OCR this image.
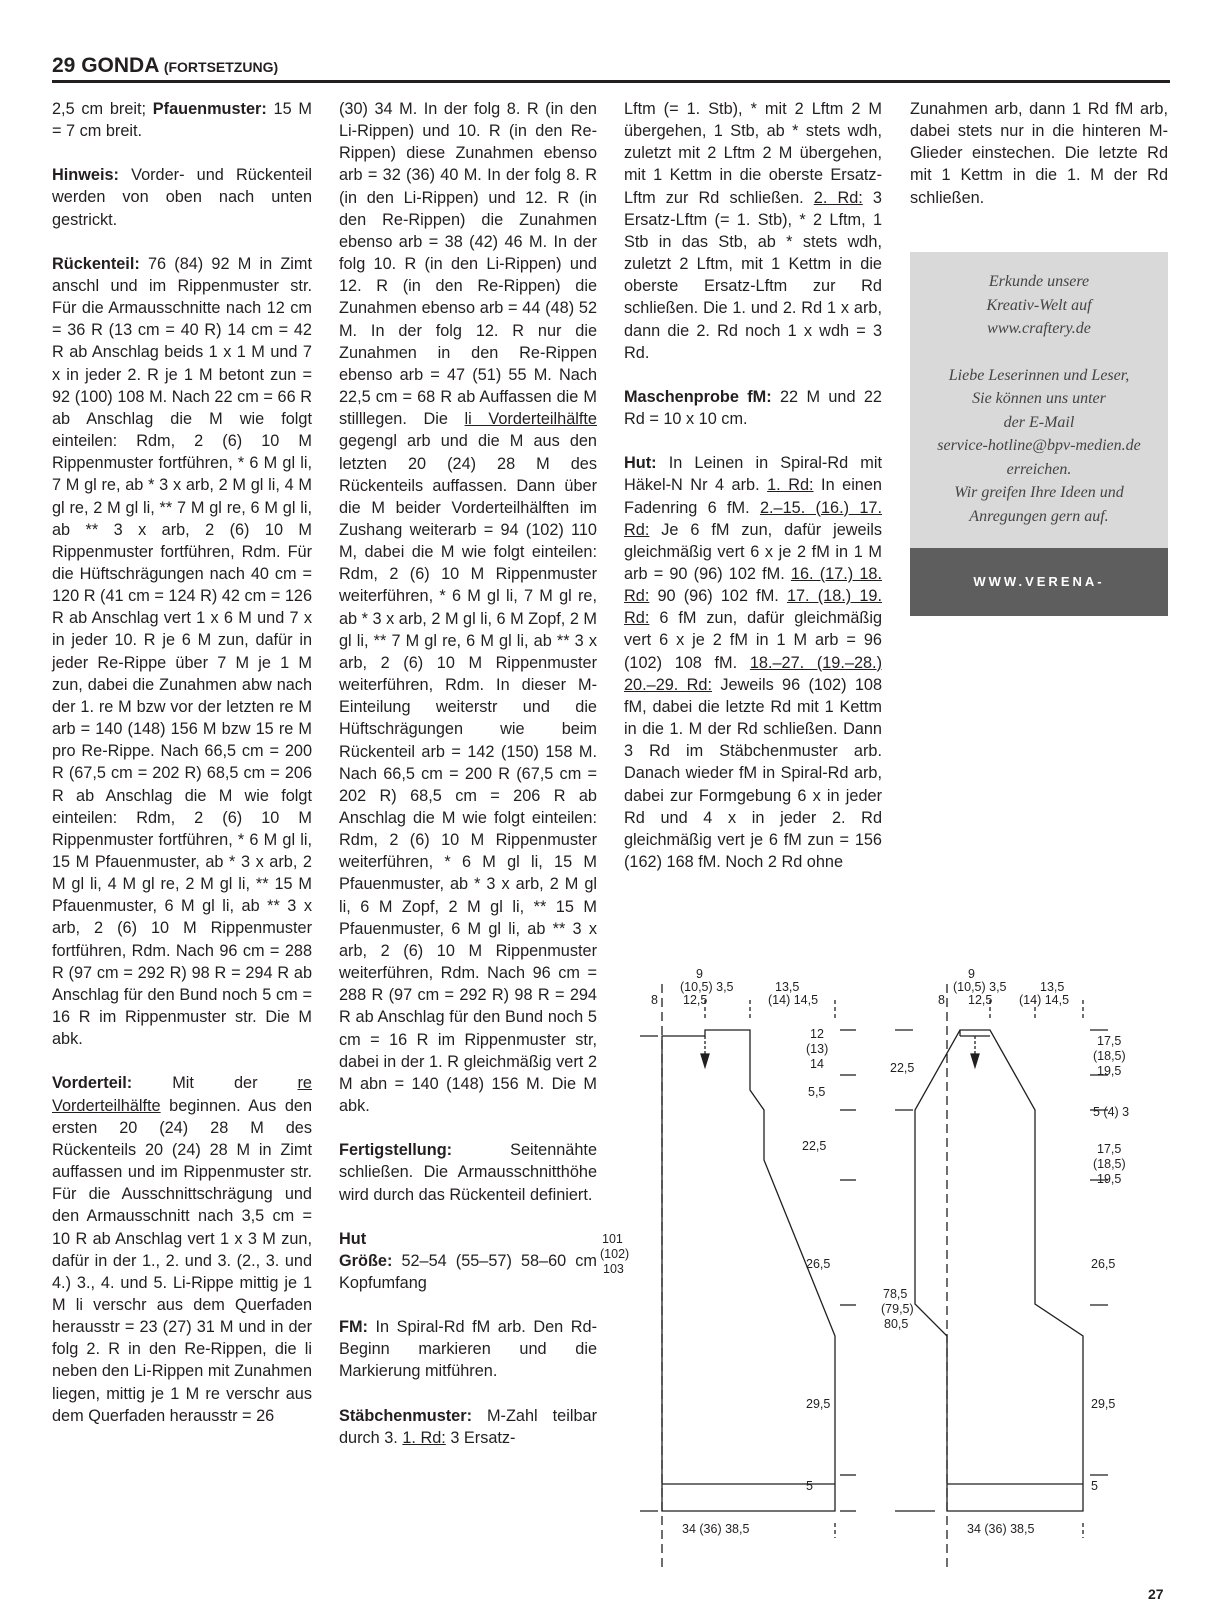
29 GONDA (FORTSETZUNG)

2,5 cm breit; Pfauenmuster: 15 M = 7 cm breit.

Hinweis: Vorder- und Rückenteil werden von oben nach unten gestrickt.

Rückenteil: 76 (84) 92 M in Zimt anschl und im Rippenmuster str. Für die Armausschnitte nach 12 cm = 36 R (13 cm = 40 R) 14 cm = 42 R ab Anschlag beids 1 x 1 M und 7 x in jeder 2. R je 1 M betont zun = 92 (100) 108 M. Nach 22 cm = 66 R ab Anschlag die M wie folgt einteilen: Rdm, 2 (6) 10 M Rippenmuster fortführen, * 6 M gl li, 7 M gl re, ab * 3 x arb, 2 M gl li, 4 M gl re, 2 M gl li, ** 7 M gl re, 6 M gl li, ab ** 3 x arb, 2 (6) 10 M Rippenmuster fortführen, Rdm. Für die Hüftschrägungen nach 40 cm = 120 R (41 cm = 124 R) 42 cm = 126 R ab Anschlag vert 1 x 6 M und 7 x in jeder 10. R je 6 M zun, dafür in jeder Re-Rippe über 7 M je 1 M zun, dabei die Zunahmen abw nach der 1. re M bzw vor der letzten re M arb = 140 (148) 156 M bzw 15 re M pro Re-Rippe. Nach 66,5 cm = 200 R (67,5 cm = 202 R) 68,5 cm = 206 R ab Anschlag die M wie folgt einteilen: Rdm, 2 (6) 10 M Rippenmuster fortführen, * 6 M gl li, 15 M Pfauenmuster, ab * 3 x arb, 2 M gl li, 4 M gl re, 2 M gl li, ** 15 M Pfauenmuster, 6 M gl li, ab ** 3 x arb, 2 (6) 10 M Rippenmuster fortführen, Rdm. Nach 96 cm = 288 R (97 cm = 292 R) 98 R = 294 R ab Anschlag für den Bund noch 5 cm = 16 R im Rippenmuster str. Die M abk.

Vorderteil: Mit der re Vorderteilhälfte beginnen. Aus den ersten 20 (24) 28 M des Rückenteils 20 (24) 28 M in Zimt auffassen und im Rippenmuster str. Für die Ausschnittschrägung und den Armausschnitt nach 3,5 cm = 10 R ab Anschlag vert 1 x 3 M zun, dafür in der 1., 2. und 3. (2., 3. und 4.) 3., 4. und 5. Li-Rippe mittig je 1 M li verschr aus dem Querfaden herausstr = 23 (27) 31 M und in der folg 2. R in den Re-Rippen, die li neben den Li-Rippen mit Zunahmen liegen, mittig je 1 M re verschr aus dem Querfaden herausstr = 26

(30) 34 M. In der folg 8. R (in den Li-Rippen) und 10. R (in den Re-Rippen) diese Zunahmen ebenso arb = 32 (36) 40 M. In der folg 8. R (in den Li-Rippen) und 12. R (in den Re-Rippen) die Zunahmen ebenso arb = 38 (42) 46 M. In der folg 10. R (in den Li-Rippen) und 12. R (in den Re-Rippen) die Zunahmen ebenso arb = 44 (48) 52 M. In der folg 12. R nur die Zunahmen in den Re-Rippen ebenso arb = 47 (51) 55 M. Nach 22,5 cm = 68 R ab Auffassen die M stilllegen. Die li Vorderteilhälfte gegengl arb und die M aus den letzten 20 (24) 28 M des Rückenteils auffassen. Dann über die M beider Vorderteilhälften im Zushang weiterarb = 94 (102) 110 M, dabei die M wie folgt einteilen: Rdm, 2 (6) 10 M Rippenmuster weiterführen, * 6 M gl li, 7 M gl re, ab * 3 x arb, 2 M gl li, 6 M Zopf, 2 M gl li, ** 7 M gl re, 6 M gl li, ab ** 3 x arb, 2 (6) 10 M Rippenmuster weiterführen, Rdm. In dieser M-Einteilung weiterstr und die Hüftschrägungen wie beim Rückenteil arb = 142 (150) 158 M. Nach 66,5 cm = 200 R (67,5 cm = 202 R) 68,5 cm = 206 R ab Anschlag die M wie folgt einteilen: Rdm, 2 (6) 10 M Rippenmuster weiterführen, * 6 M gl li, 15 M Pfauenmuster, ab * 3 x arb, 2 M gl li, 6 M Zopf, 2 M gl li, ** 15 M Pfauenmuster, 6 M gl li, ab ** 3 x arb, 2 (6) 10 M Rippenmuster weiterführen, Rdm. Nach 96 cm = 288 R (97 cm = 292 R) 98 R = 294 R ab Anschlag für den Bund noch 5 cm = 16 R im Rippenmuster str, dabei in der 1. R gleichmäßig vert 2 M abn = 140 (148) 156 M. Die M abk.

Fertigstellung: Seitennähte schließen. Die Armausschnitthöhe wird durch das Rückenteil definiert.

Hut
Größe: 52–54 (55–57) 58–60 cm Kopfumfang

FM: In Spiral-Rd fM arb. Den Rd-Beginn markieren und die Markierung mitführen.

Stäbchenmuster: M-Zahl teilbar durch 3. 1. Rd: 3 Ersatz-

Lftm (= 1. Stb), * mit 2 Lftm 2 M übergehen, 1 Stb, ab * stets wdh, zuletzt mit 2 Lftm 2 M übergehen, mit 1 Kettm in die oberste Ersatz-Lftm zur Rd schließen. 2. Rd: 3 Ersatz-Lftm (= 1. Stb), * 2 Lftm, 1 Stb in das Stb, ab * stets wdh, zuletzt 2 Lftm, mit 1 Kettm in die oberste Ersatz-Lftm zur Rd schließen. Die 1. und 2. Rd 1 x arb, dann die 2. Rd noch 1 x wdh = 3 Rd.

Maschenprobe fM: 22 M und 22 Rd = 10 x 10 cm.

Hut: In Leinen in Spiral-Rd mit Häkel-N Nr 4 arb. 1. Rd: In einen Fadenring 6 fM. 2.–15. (16.) 17. Rd: Je 6 fM zun, dafür jeweils gleichmäßig vert 6 x je 2 fM in 1 M arb = 90 (96) 102 fM. 16. (17.) 18. Rd: 90 (96) 102 fM. 17. (18.) 19. Rd: 6 fM zun, dafür gleichmäßig vert 6 x je 2 fM in 1 M arb = 96 (102) 108 fM. 18.–27. (19.–28.) 20.–29. Rd: Jeweils 96 (102) 108 fM, dabei die letzte Rd mit 1 Kettm in die 1. M der Rd schließen. Dann 3 Rd im Stäbchenmuster arb. Danach wieder fM in Spiral-Rd arb, dabei zur Formgebung 6 x in jeder Rd und 4 x in jeder 2. Rd gleichmäßig vert je 6 fM zun = 156 (162) 168 fM. Noch 2 Rd ohne

Zunahmen arb, dann 1 Rd fM arb, dabei stets nur in die hinteren M-Glieder einstechen. Die letzte Rd mit 1 Kettm in die 1. M der Rd schließen.

Erkunde unsere

Kreativ-Welt auf

www.craftery.de

Liebe Leserinnen und Leser,

Sie können uns unter

der E-Mail

service-hotline@bpv-medien.de

erreichen.

Wir greifen Ihre Ideen und

Anregungen gern auf.

WWW.VERENA-STRICKEN.COM
9
(10,5) 3,5	13,5
12,5	(14) 14,5
8
12
(13)
14
5,5
22,5
26,5
29,5
5
101
(102)
103
34 (36) 38,5
9
(10,5) 3,5	13,5
12,5 (14) 14,5
8
22,5
17,5
(18,5)
19,5
5 (4) 3
17,5
(18,5)
19,5
26,5
29,5
5
78,5
(79,5)
80,5
34 (36) 38,5
27
